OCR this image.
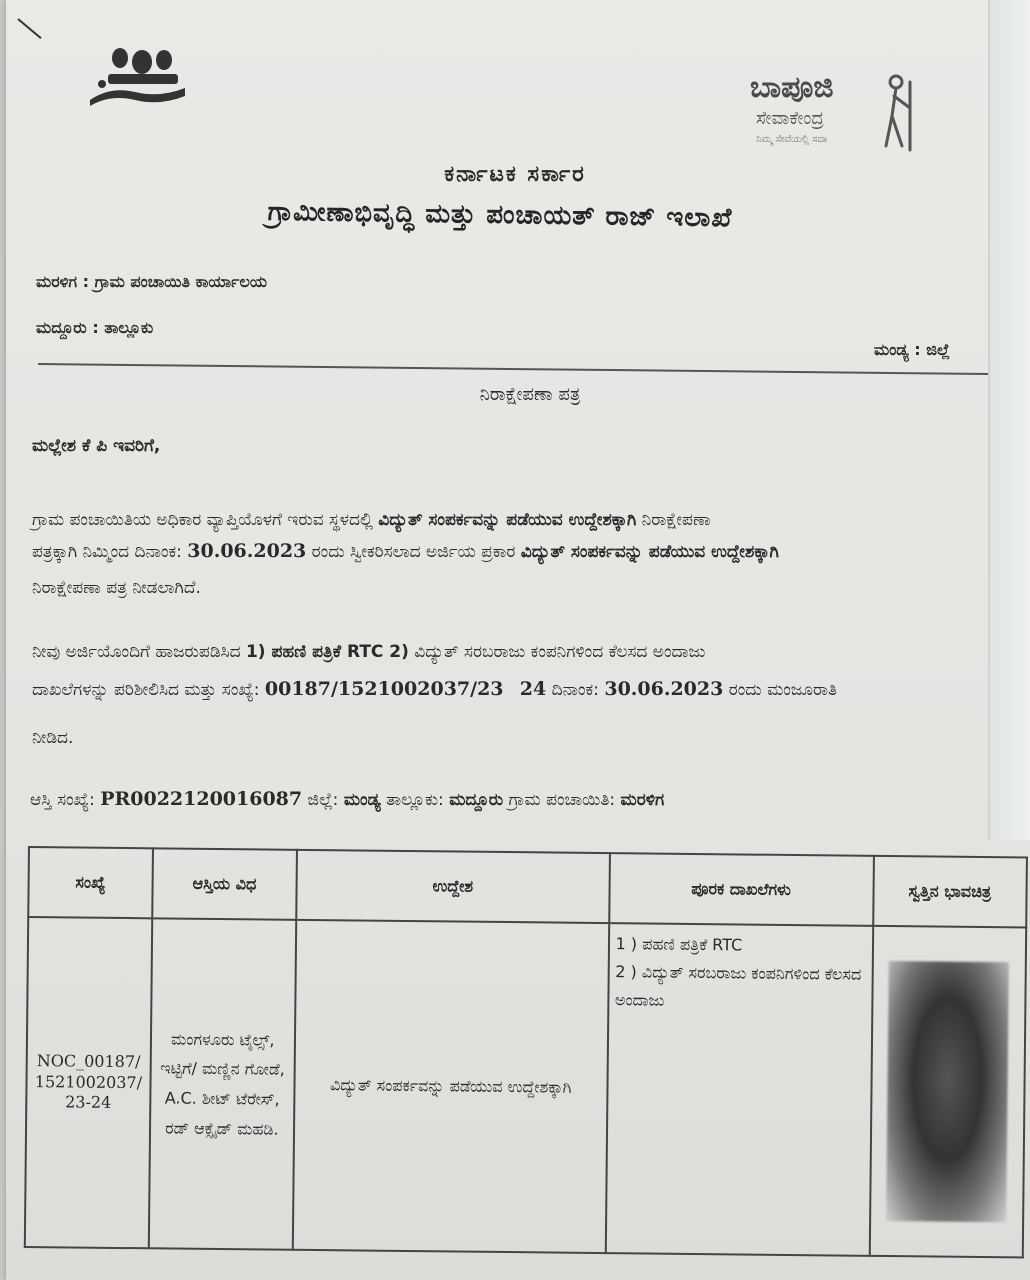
ಬಾಪೂಜಿ
ಸೇವಾಕೇಂದ್ರ
ನಿಮ್ಮ ಸೇವೆಯಲ್ಲಿ ಸದಾ
ಕರ್ನಾಟಕ ಸರ್ಕಾರ
ಗ್ರಾಮೀಣಾಭಿವೃದ್ಧಿ ಮತ್ತು ಪಂಚಾಯತ್ ರಾಜ್ ಇಲಾಖೆ
ಮರಳಿಗ : ಗ್ರಾಮ ಪಂಚಾಯಿತಿ ಕಾರ್ಯಾಲಯ
ಮದ್ದೂರು : ತಾಲ್ಲೂಕು
ಮಂಡ್ಯ : ಜಿಲ್ಲೆ
ನಿರಾಕ್ಷೇಪಣಾ ಪತ್ರ
ಮಲ್ಲೇಶ ಕೆ ಪಿ ಇವರಿಗೆ,
ಗ್ರಾಮ ಪಂಚಾಯಿತಿಯ ಅಧಿಕಾರ ವ್ಯಾಪ್ತಿಯೊಳಗೆ ಇರುವ ಸ್ಥಳದಲ್ಲಿ ವಿದ್ಯುತ್ ಸಂಪರ್ಕವನ್ನು ಪಡೆಯುವ ಉದ್ದೇಶಕ್ಕಾಗಿ ನಿರಾಕ್ಷೇಪಣಾ
ಪತ್ರಕ್ಕಾಗಿ ನಿಮ್ಮಿಂದ ದಿನಾಂಕ: 30.06.2023 ರಂದು ಸ್ವೀಕರಿಸಲಾದ ಅರ್ಜಿಯ ಪ್ರಕಾರ ವಿದ್ಯುತ್ ಸಂಪರ್ಕವನ್ನು ಪಡೆಯುವ ಉದ್ದೇಶಕ್ಕಾಗಿ
ನಿರಾಕ್ಷೇಪಣಾ ಪತ್ರ ನೀಡಲಾಗಿದೆ.
ನೀವು ಅರ್ಜಿಯೊಂದಿಗೆ ಹಾಜರುಪಡಿಸಿದ 1) ಪಹಣಿ ಪತ್ರಿಕೆ RTC 2) ವಿದ್ಯುತ್ ಸರಬರಾಜು ಕಂಪನಿಗಳಿಂದ ಕೆಲಸದ ಅಂದಾಜು
ದಾಖಲೆಗಳನ್ನು ಪರಿಶೀಲಿಸಿದ ಮತ್ತು ಸಂಖ್ಯೆ: 00187/1521002037/23 24 ದಿನಾಂಕ: 30.06.2023 ರಂದು ಮಂಜೂರಾತಿ
ನೀಡಿದ.
ಆಸ್ತಿ ಸಂಖ್ಯೆ: PR0022120016087 ಜಿಲ್ಲೆ: ಮಂಡ್ಯ ತಾಲ್ಲೂಕು: ಮದ್ದೂರು ಗ್ರಾಮ ಪಂಚಾಯಿತಿ: ಮರಳಿಗ
ಸಂಖ್ಯೆ	ಆಸ್ತಿಯ ವಿಧ	ಉದ್ದೇಶ	ಪೂರಕ ದಾಖಲೆಗಳು	ಸ್ವತ್ತಿನ ಭಾವಚಿತ್ರ
NOC_00187/1521002037/23-24	ಮಂಗಳೂರು ಟೈಲ್ಸ್, ಇಟ್ಟಿಗೆ/ ಮಣ್ಣಿನ ಗೋಡೆ, A.C. ಶೀಟ್ ಟೆರೇಸ್, ರಡ್ ಆಕ್ಸೈಡ್ ಮಹಡಿ.	ವಿದ್ಯುತ್ ಸಂಪರ್ಕವನ್ನು ಪಡೆಯುವ ಉದ್ದೇಶಕ್ಕಾಗಿ	1 ) ಪಹಣಿ ಪತ್ರಿಕೆ RTC
2 ) ವಿದ್ಯುತ್ ಸರಬರಾಜು ಕಂಪನಿಗಳಿಂದ ಕೆಲಸದ ಅಂದಾಜು	
